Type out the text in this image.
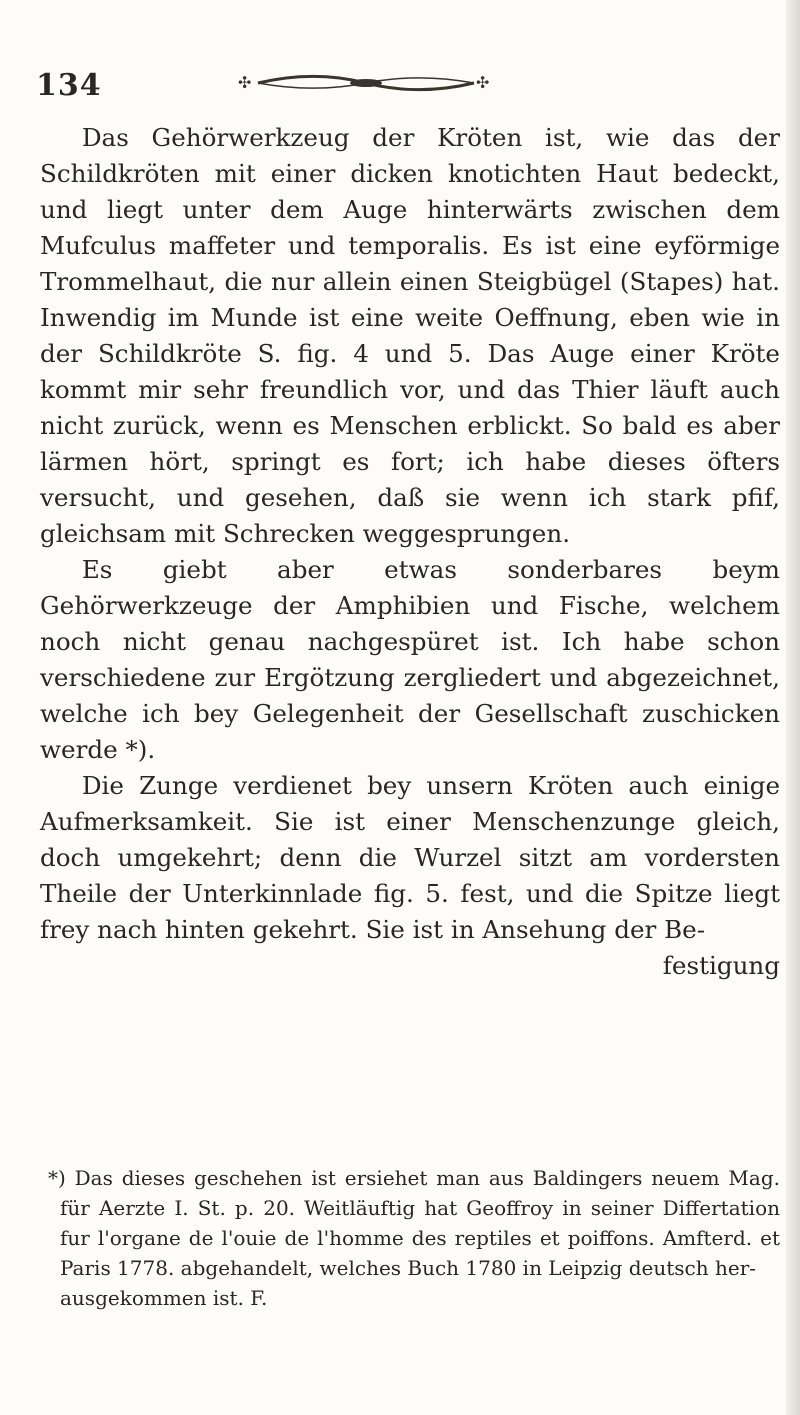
134	✣	✣

Das Gehörwerkzeug der Kröten ist, wie das der Schildkröten mit einer dicken knotichten Haut bedeckt, und liegt unter dem Auge hinterwärts zwischen dem Mufculus maffeter und temporalis. Es ist eine eyförmige Trommelhaut, die nur allein einen Steigbügel (Stapes) hat. Inwendig im Munde ist eine weite Oeffnung, eben wie in der Schildkröte S. fig. 4 und 5. Das Auge einer Kröte kommt mir sehr freundlich vor, und das Thier läuft auch nicht zurück, wenn es Menschen erblickt. So bald es aber lärmen hört, springt es fort; ich habe dieses öfters versucht, und gesehen, daß sie wenn ich stark pfif, gleichsam mit Schrecken weggesprungen.

Es giebt aber etwas sonderbares beym Gehörwerkzeuge der Amphibien und Fische, welchem noch nicht genau nachgespüret ist. Ich habe schon verschiedene zur Ergötzung zergliedert und abgezeichnet, welche ich bey Gelegenheit der Gesellschaft zuschicken werde *).

Die Zunge verdienet bey unsern Kröten auch einige Aufmerksamkeit. Sie ist einer Menschenzunge gleich, doch umgekehrt; denn die Wurzel sitzt am vordersten Theile der Unterkinnlade fig. 5. fest, und die Spitze liegt frey nach hinten gekehrt. Sie ist in Ansehung der Be-

festigung

*) Das dieses geschehen ist ersiehet man aus Baldingers neuem Mag. für Aerzte I. St. p. 20. Weitläuftig hat Geoffroy in seiner Differtation fur l'organe de l'ouie de l'homme des reptiles et poiffons. Amfterd. et Paris 1778. abgehandelt, welches Buch 1780 in Leipzig deutsch her-
ausgekommen ist. F.
